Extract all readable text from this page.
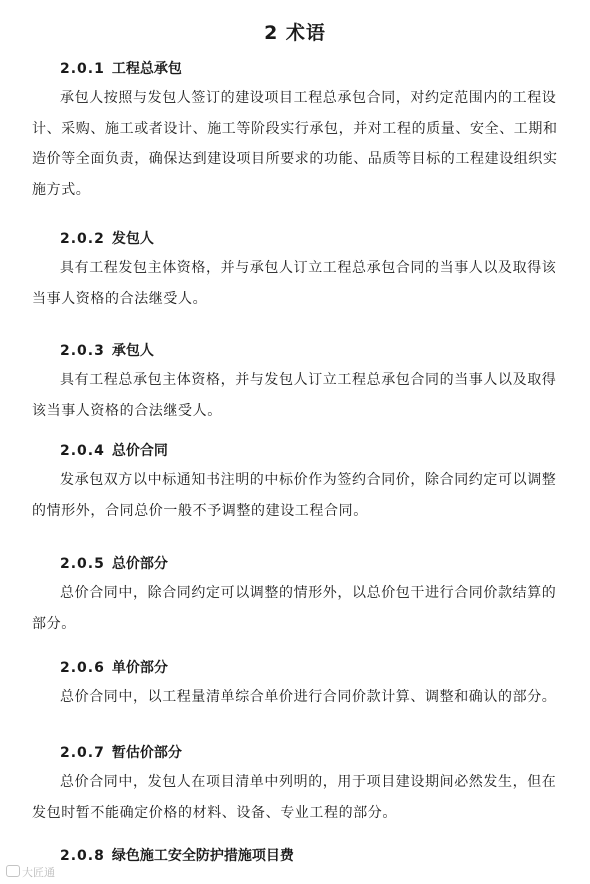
2 术语
2.0.1 工程总承包
承包人按照与发包人签订的建设项目工程总承包合同，对约定范围内的工程设
计、采购、施工或者设计、施工等阶段实行承包，并对工程的质量、安全、工期和
造价等全面负责，确保达到建设项目所要求的功能、品质等目标的工程建设组织实
施方式。
2.0.2 发包人
具有工程发包主体资格，并与承包人订立工程总承包合同的当事人以及取得该
当事人资格的合法继受人。
2.0.3 承包人
具有工程总承包主体资格，并与发包人订立工程总承包合同的当事人以及取得
该当事人资格的合法继受人。
2.0.4 总价合同
发承包双方以中标通知书注明的中标价作为签约合同价，除合同约定可以调整
的情形外，合同总价一般不予调整的建设工程合同。
2.0.5 总价部分
总价合同中，除合同约定可以调整的情形外，以总价包干进行合同价款结算的
部分。
2.0.6 单价部分
总价合同中，以工程量清单综合单价进行合同价款计算、调整和确认的部分。
2.0.7 暂估价部分
总价合同中，发包人在项目清单中列明的，用于项目建设期间必然发生，但在
发包时暂不能确定价格的材料、设备、专业工程的部分。
2.0.8 绿色施工安全防护措施项目费
大匠通
